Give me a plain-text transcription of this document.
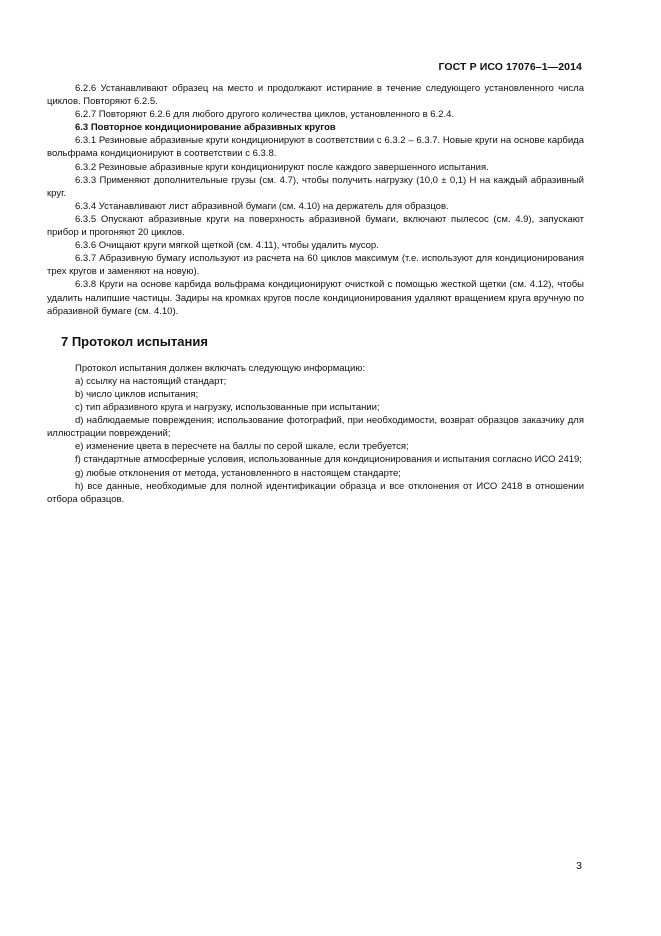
ГОСТ Р ИСО 17076–1—2014

6.2.6 Устанавливают образец на место и продолжают истирание в течение следующего установленного числа циклов. Повторяют 6.2.5.

6.2.7 Повторяют 6.2.6 для любого другого количества циклов, установленного в 6.2.4.

6.3 Повторное кондиционирование абразивных кругов

6.3.1 Резиновые абразивные круги кондиционируют в соответствии с 6.3.2 – 6.3.7. Новые круги на основе карбида вольфрама кондиционируют в соответствии с 6.3.8.

6.3.2 Резиновые абразивные круги кондиционируют после каждого завершенного испытания.

6.3.3 Применяют дополнительные грузы (см. 4.7), чтобы получить нагрузку (10,0 ± 0,1) Н на каждый абразивный круг.

6.3.4 Устанавливают лист абразивной бумаги (см. 4.10) на держатель для образцов.

6.3.5 Опускают абразивные круги на поверхность абразивной бумаги, включают пылесос (см. 4.9), запускают прибор и прогоняют 20 циклов.

6.3.6 Очищают круги мягкой щеткой (см. 4.11), чтобы удалить мусор.

6.3.7 Абразивную бумагу используют из расчета на 60 циклов максимум (т.е. используют для кондиционирования трех кругов и заменяют на новую).

6.3.8 Круги на основе карбида вольфрама кондиционируют очисткой с помощью жесткой щетки (см. 4.12), чтобы удалить налипшие частицы. Задиры на кромках кругов после кондиционирования удаляют вращением круга вручную по абразивной бумаге (см. 4.10).

7 Протокол испытания

Протокол испытания должен включать следующую информацию:

a) ссылку на настоящий стандарт;

b) число циклов испытания;

c) тип абразивного круга и нагрузку, использованные при испытании;

d) наблюдаемые повреждения; использование фотографий, при необходимости, возврат образцов заказчику для иллюстрации повреждений;

e) изменение цвета в пересчете на баллы по серой шкале, если требуется;

f) стандартные атмосферные условия, использованные для кондиционирования и испытания согласно ИСО 2419;

g) любые отклонения от метода, установленного в настоящем стандарте;

h) все данные, необходимые для полной идентификации образца и все отклонения от ИСО 2418 в отношении отбора образцов.

3
